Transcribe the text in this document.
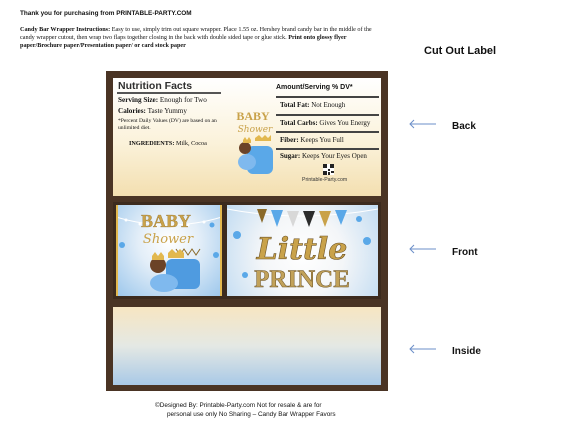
Thank you for purchasing from PRINTABLE-PARTY.COM
Candy Bar Wrapper Instructions: Easy to use, simply trim out square wrapper. Place 1.55 oz. Hershey brand candy bar in the middle of the candy wrapper cutout, then wrap two flaps together closing in the back with double sided tape or glue stick. Print onto glossy flyer paper/Brochure paper/Presentation paper/ or card stock paper	Cut Out Label
Nutrition Facts
Serving Size: Enough for Two
Calories: Taste Yummy
*Percent Daily Values (DV) are based on an unlimited diet.
INGREDIENTS: Milk, Cocoa
BABY
Shower
Amount/Serving % DV*
Total Fat: Not Enough
Total Carbs: Gives You Energy
Fiber: Keeps You Full
Sugar: Keeps Your Eyes Open
Printable-Party.com
BABY
Shower Little
PRINCE
Back
Front
Inside
©Designed By: Printable-Party.com Not for resale & are for
personal use only No Sharing – Candy Bar Wrapper Favors
